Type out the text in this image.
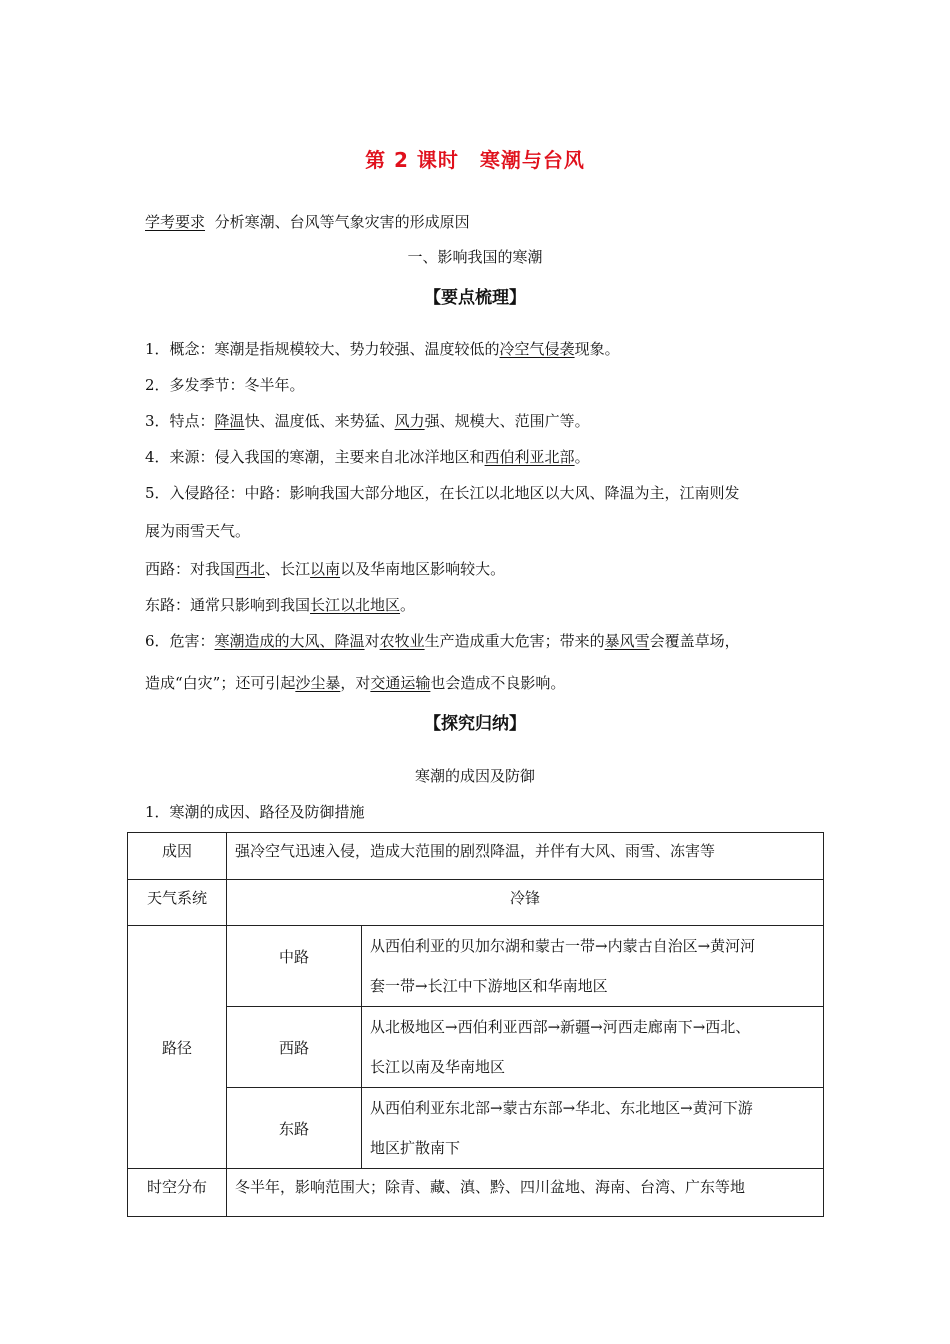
第 2 课时　寒潮与台风
学考要求 分析寒潮、台风等气象灾害的形成原因
一、影响我国的寒潮
【要点梳理】
1．概念：寒潮是指规模较大、势力较强、温度较低的冷空气侵袭现象。
2．多发季节：冬半年。
3．特点：降温快、温度低、来势猛、风力强、规模大、范围广等。
4．来源：侵入我国的寒潮，主要来自北冰洋地区和西伯利亚北部。
5．入侵路径：中路：影响我国大部分地区，在长江以北地区以大风、降温为主，江南则发
展为雨雪天气。
西路：对我国西北、长江以南以及华南地区影响较大。
东路：通常只影响到我国长江以北地区。
6．危害：寒潮造成的大风、降温对农牧业生产造成重大危害；带来的暴风雪会覆盖草场，
造成“白灾”；还可引起沙尘暴，对交通运输也会造成不良影响。
【探究归纳】
寒潮的成因及防御
1．寒潮的成因、路径及防御措施
成因	强冷空气迅速入侵，造成大范围的剧烈降温，并伴有大风、雨雪、冻害等	
天气系统	冷锋	
路径	中路	从西伯利亚的贝加尔湖和蒙古一带→内蒙古自治区→黄河河
套一带→长江中下游地区和华南地区

	西路	从北极地区→西伯利亚西部→新疆→河西走廊南下→西北、
长江以南及华南地区

	东路	从西伯利亚东北部→蒙古东部→华北、东北地区→黄河下游
地区扩散南下

时空分布	冬半年，影响范围大；除青、藏、滇、黔、四川盆地、海南、台湾、广东等地	
